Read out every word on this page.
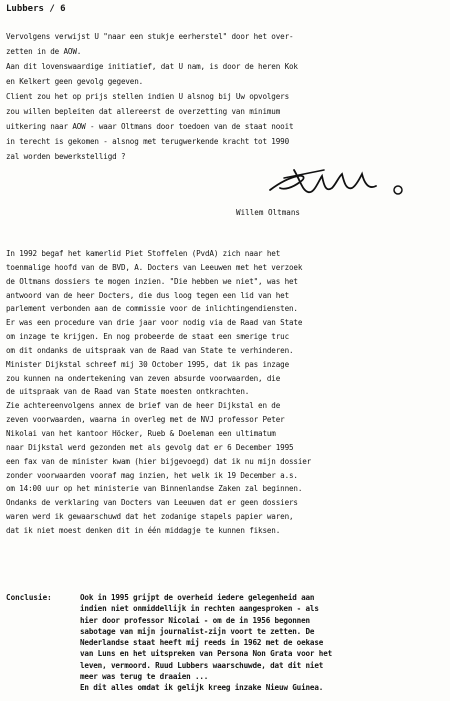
Lubbers / 6
Vervolgens verwijst U "naar een stukje eerherstel" door het over-
zetten in de AOW.
Aan dit lovenswaardige initiatief, dat U nam, is door de heren Kok
en Kelkert geen gevolg gegeven.
Client zou het op prijs stellen indien U alsnog bij Uw opvolgers
zou willen bepleiten dat allereerst de overzetting van minimum
uitkering naar AOW - waar Oltmans door toedoen van de staat nooit
in terecht is gekomen - alsnog met terugwerkende kracht tot 1990
zal worden bewerkstelligd ?
Willem Oltmans
In 1992 begaf het kamerlid Piet Stoffelen (PvdA) zich naar het
toenmalige hoofd van de BVD, A. Docters van Leeuwen met het verzoek
de Oltmans dossiers te mogen inzien. "Die hebben we niet", was het
antwoord van de heer Docters, die dus loog tegen een lid van het
parlement verbonden aan de commissie voor de inlichtingendiensten.
Er was een procedure van drie jaar voor nodig via de Raad van State
om inzage te krijgen. En nog probeerde de staat een smerige truc
om dit ondanks de uitspraak van de Raad van State te verhinderen.
Minister Dijkstal schreef mij 30 October 1995, dat ik pas inzage
zou kunnen na ondertekening van zeven absurde voorwaarden, die
de uitspraak van de Raad van State moesten ontkrachten.
Zie achtereenvolgens annex de brief van de heer Dijkstal en de
zeven voorwaarden, waarna in overleg met de NVJ professor Peter
Nikolai van het kantoor Höcker, Rueb & Doeleman een ultimatum
naar Dijkstal werd gezonden met als gevolg dat er 6 December 1995
een fax van de minister kwam (hier bijgevoegd) dat ik nu mijn dossier
zonder voorwaarden vooraf mag inzien, het welk ik 19 December a.s.
om 14:00 uur op het ministerie van Binnenlandse Zaken zal beginnen.
Ondanks de verklaring van Docters van Leeuwen dat er geen dossiers
waren werd ik gewaarschuwd dat het zodanige stapels papier waren,
dat ik niet moest denken dit in één middagje te kunnen fiksen.
Conclusie:	Ook in 1995 grijpt de overheid iedere gelegenheid aan
indien niet onmiddellijk in rechten aangesproken - als
hier door professor Nicolai - om de in 1956 begonnen
sabotage van mijn journalist-zijn voort te zetten. De
Nederlandse staat heeft mij reeds in 1962 met de oekase
van Luns en het uitspreken van Persona Non Grata voor het
leven, vermoord. Ruud Lubbers waarschuwde, dat dit niet
meer was terug te draaien ...
En dit alles omdat ik gelijk kreeg inzake Nieuw Guinea.
